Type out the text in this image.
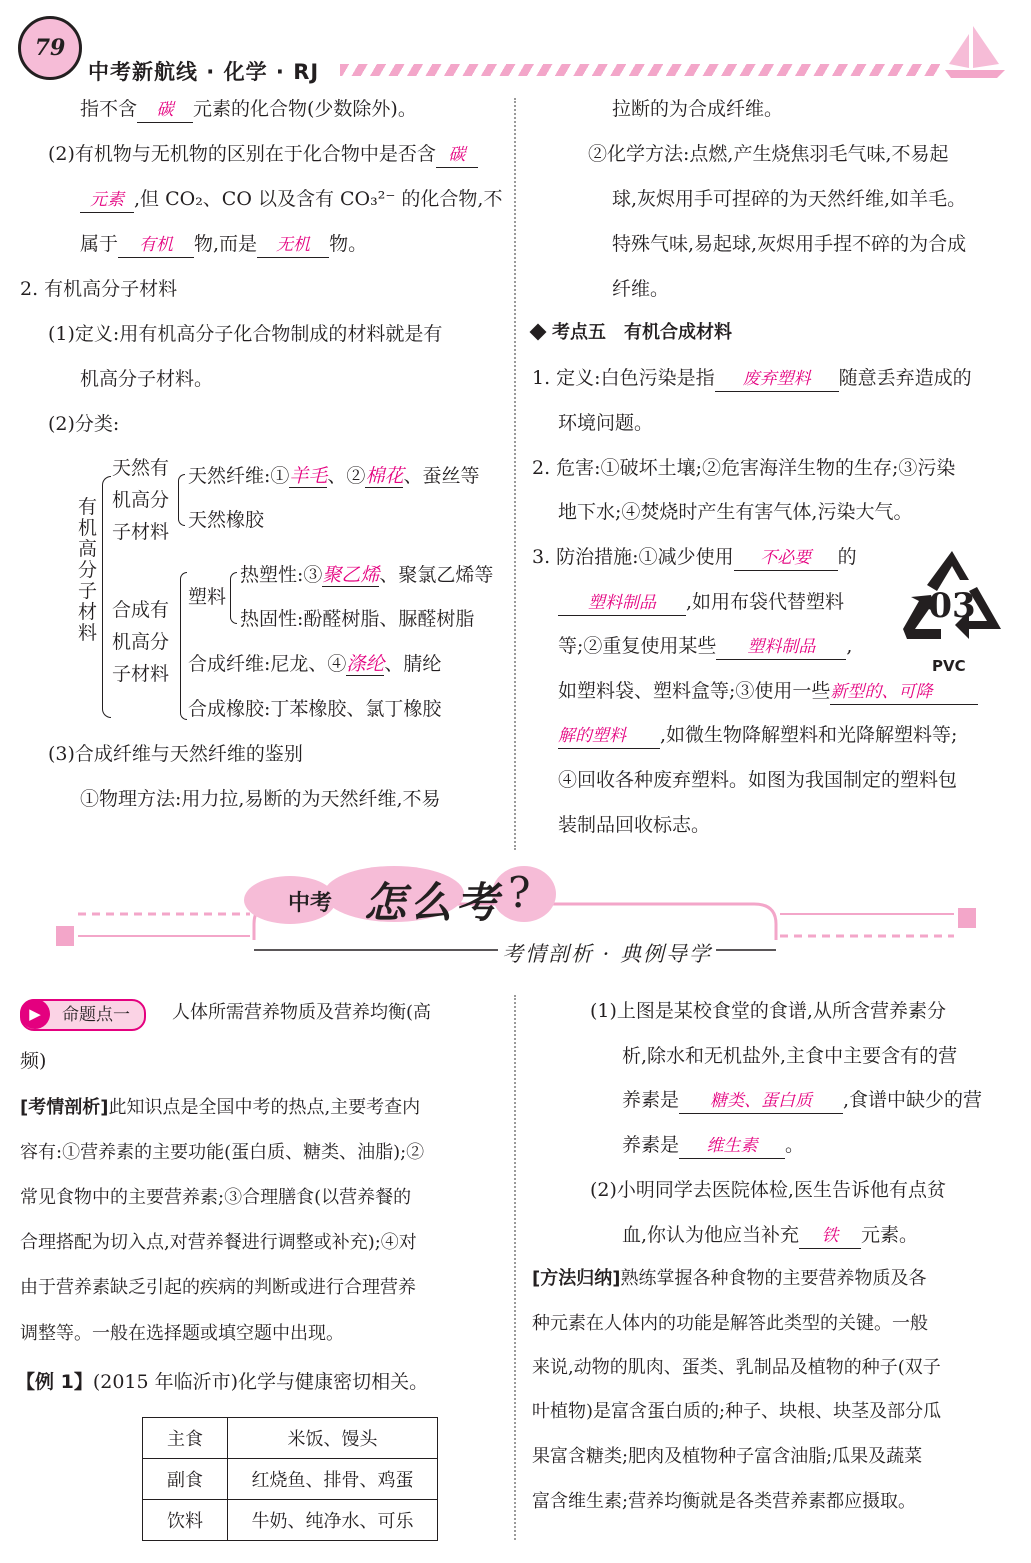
79
中考新航线 · 化学 · RJ
指不含 碳 元素的化合物(少数除外)。
(2)有机物与无机物的区别在于化合物中是否含 碳
元素 ,但 CO₂、CO 以及含有 CO₃²⁻ 的化合物,不
属于 有机 物,而是 无机 物。
2. 有机高分子材料
(1)定义:用有机高分子化合物制成的材料就是有
机高分子材料。
(2)分类:
有
机
高
分
子
材
料
天然有
机高分
子材料
天然纤维:①羊毛、②棉花、蚕丝等
天然橡胶
合成有
机高分
子材料
塑料
热塑性:③聚乙烯、聚氯乙烯等
热固性:酚醛树脂、脲醛树脂
合成纤维:尼龙、④涤纶、腈纶
合成橡胶:丁苯橡胶、氯丁橡胶
(3)合成纤维与天然纤维的鉴别
①物理方法:用力拉,易断的为天然纤维,不易
拉断的为合成纤维。
②化学方法:点燃,产生烧焦羽毛气味,不易起
球,灰烬用手可捏碎的为天然纤维,如羊毛。
特殊气味,易起球,灰烬用手捏不碎的为合成
纤维。
考点五　有机合成材料
1. 定义:白色污染是指 废弃塑料 随意丢弃造成的
环境问题。
2. 危害:①破坏土壤;②危害海洋生物的生存;③污染
地下水;④焚烧时产生有害气体,污染大气。
3. 防治措施:①减少使用 不必要 的
塑料制品 ,如用布袋代替塑料
等;②重复使用某些 塑料制品 ,
如塑料袋、塑料盒等;③使用一些新型的、可降
解的塑料 ,如微生物降解塑料和光降解塑料等;
④回收各种废弃塑料。如图为我国制定的塑料包
装制品回收标志。
03
PVC
中考 怎么考 ?
考情剖析 · 典例导学
命题点一
▶	人体所需营养物质及营养均衡(高
频)
[考情剖析]此知识点是全国中考的热点,主要考查内
容有:①营养素的主要功能(蛋白质、糖类、油脂);②
常见食物中的主要营养素;③合理膳食(以营养餐的
合理搭配为切入点,对营养餐进行调整或补充);④对
由于营养素缺乏引起的疾病的判断或进行合理营养
调整等。一般在选择题或填空题中出现。
【例 1】(2015 年临沂市)化学与健康密切相关。
主食	米饭、馒头
副食	红烧鱼、排骨、鸡蛋
饮料	牛奶、纯净水、可乐
(1)上图是某校食堂的食谱,从所含营养素分
析,除水和无机盐外,主食中主要含有的营
养素是 糖类、蛋白质 ,食谱中缺少的营
养素是 维生素 。
(2)小明同学去医院体检,医生告诉他有点贫
血,你认为他应当补充 铁 元素。
[方法归纳]熟练掌握各种食物的主要营养物质及各
种元素在人体内的功能是解答此类型的关键。一般
来说,动物的肌肉、蛋类、乳制品及植物的种子(双子
叶植物)是富含蛋白质的;种子、块根、块茎及部分瓜
果富含糖类;肥肉及植物种子富含油脂;瓜果及蔬菜
富含维生素;营养均衡就是各类营养素都应摄取。
